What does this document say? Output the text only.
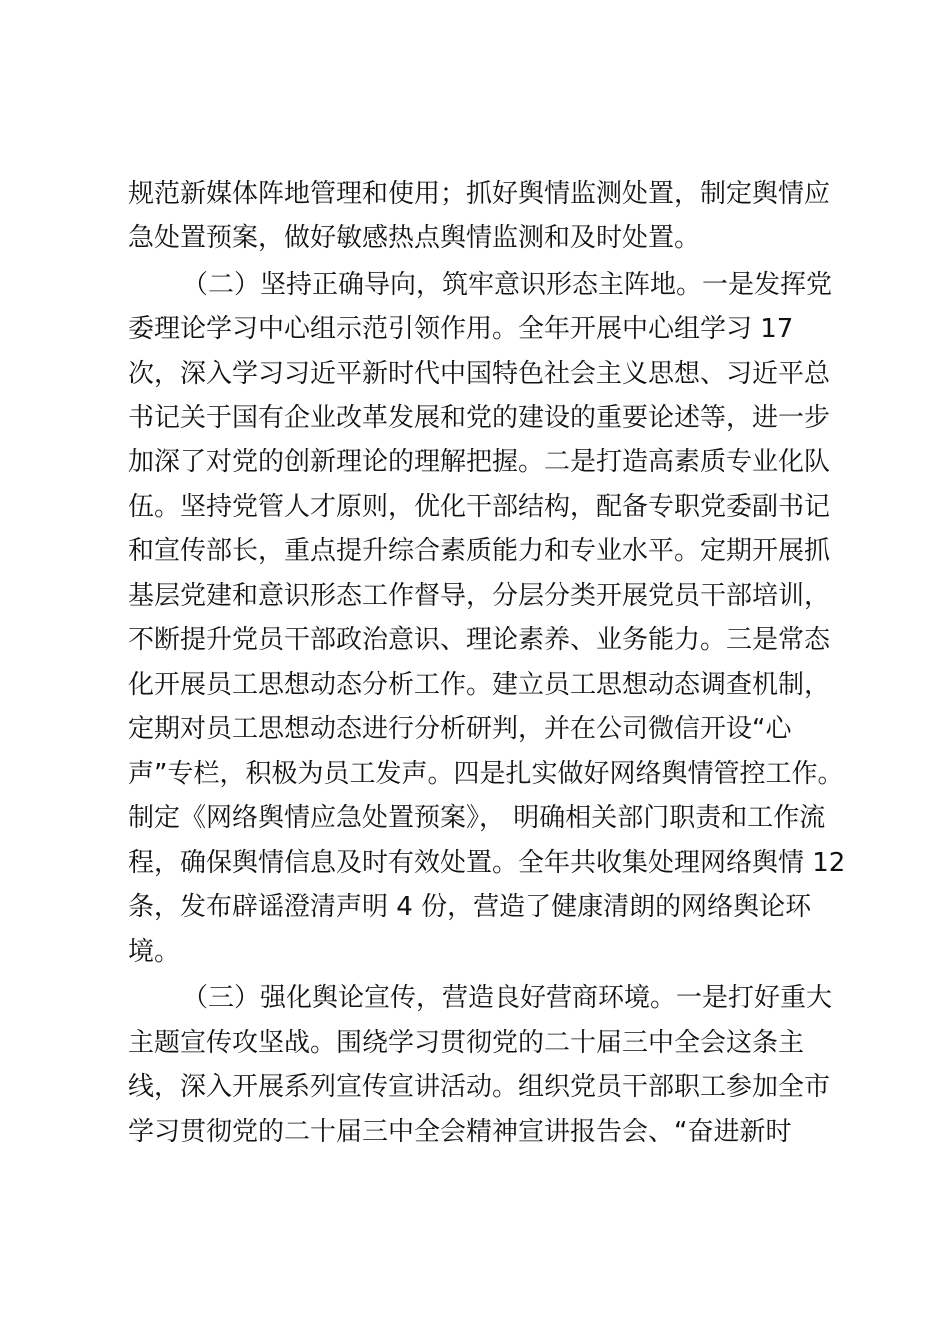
规范新媒体阵地管理和使用；抓好舆情监测处置，制定舆情应
急处置预案，做好敏感热点舆情监测和及时处置。
（二）坚持正确导向，筑牢意识形态主阵地。一是发挥党
委理论学习中心组示范引领作用。全年开展中心组学习 17
次，深入学习习近平新时代中国特色社会主义思想、习近平总
书记关于国有企业改革发展和党的建设的重要论述等，进一步
加深了对党的创新理论的理解把握。二是打造高素质专业化队
伍。坚持党管人才原则，优化干部结构，配备专职党委副书记
和宣传部长，重点提升综合素质能力和专业水平。定期开展抓
基层党建和意识形态工作督导，分层分类开展党员干部培训，
不断提升党员干部政治意识、理论素养、业务能力。三是常态
化开展员工思想动态分析工作。建立员工思想动态调查机制，
定期对员工思想动态进行分析研判，并在公司微信开设“心
声”专栏，积极为员工发声。四是扎实做好网络舆情管控工作。
制定《网络舆情应急处置预案》， 明确相关部门职责和工作流
程，确保舆情信息及时有效处置。全年共收集处理网络舆情 12
条，发布辟谣澄清声明 4 份，营造了健康清朗的网络舆论环
境。
（三）强化舆论宣传，营造良好营商环境。一是打好重大
主题宣传攻坚战。围绕学习贯彻党的二十届三中全会这条主
线，深入开展系列宣传宣讲活动。组织党员干部职工参加全市
学习贯彻党的二十届三中全会精神宣讲报告会、“奋进新时
